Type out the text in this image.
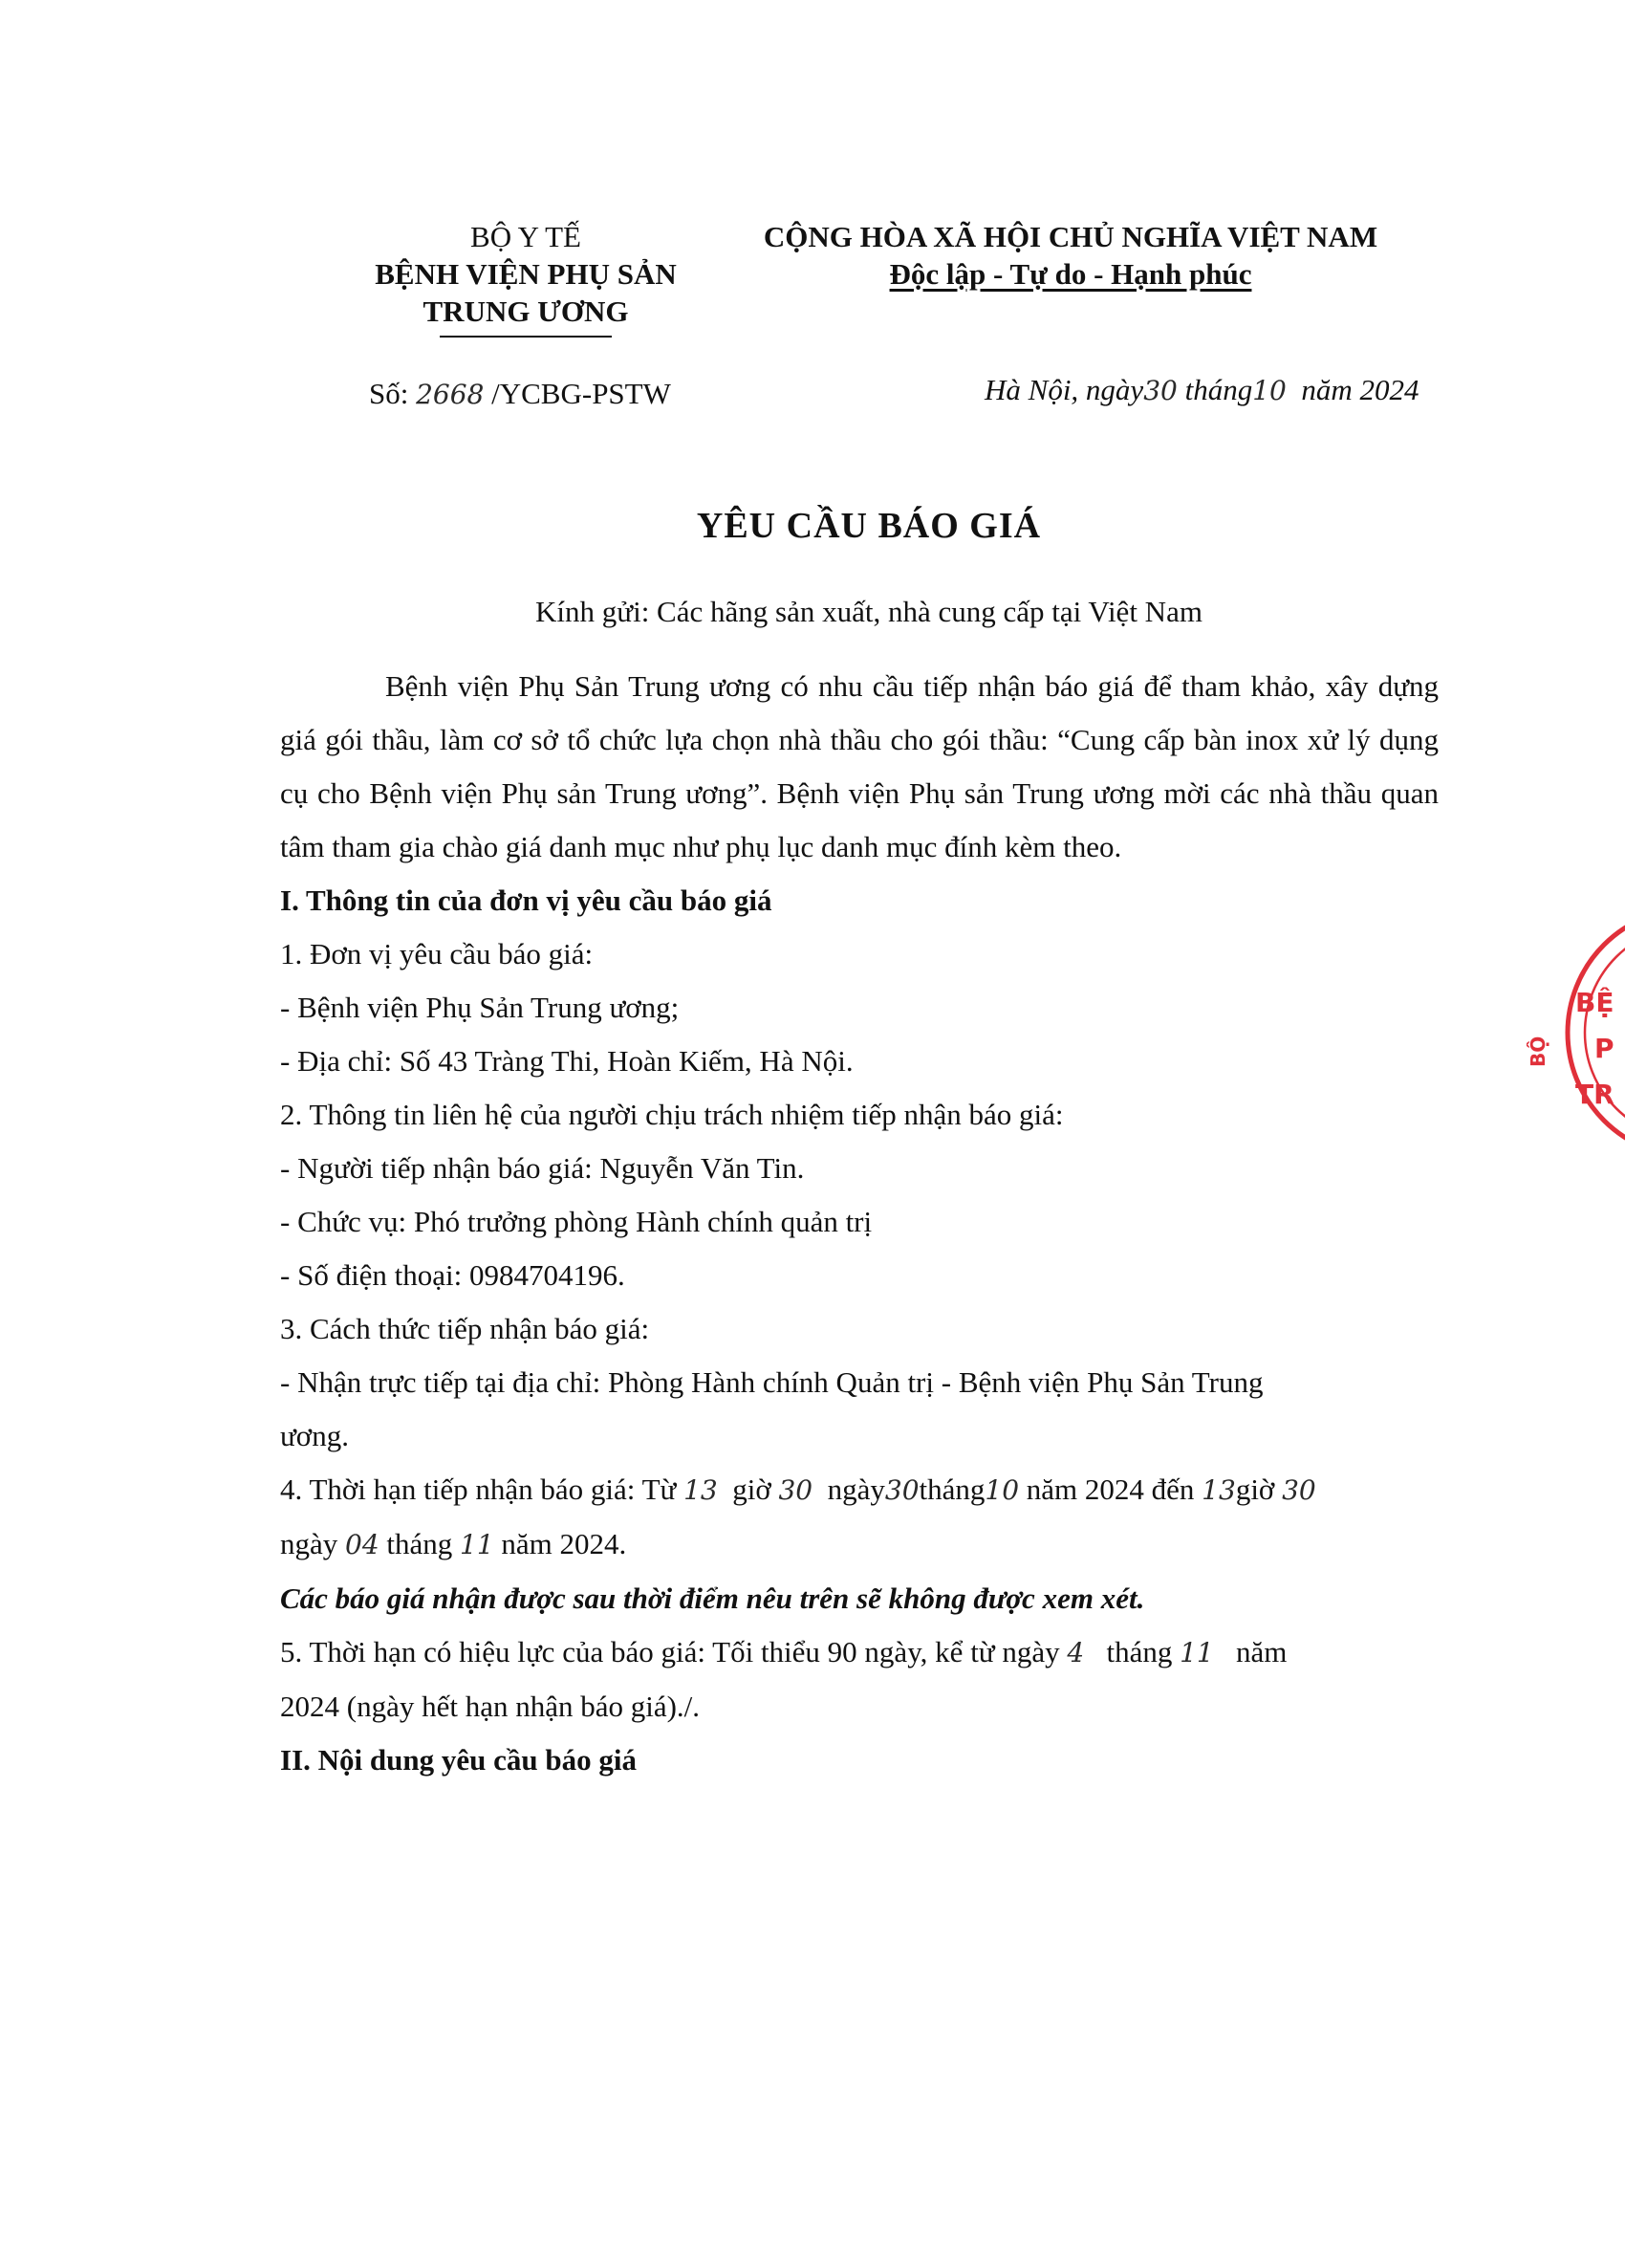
BỘ Y TẾ
BỆNH VIỆN PHỤ SẢN
TRUNG ƯƠNG
CỘNG HÒA XÃ HỘI CHỦ NGHĨA VIỆT NAM
Độc lập - Tự do - Hạnh phúc
Số: 2668 /YCBG-PSTW	Hà Nội, ngày30 tháng10 năm 2024
YÊU CẦU BÁO GIÁ
Kính gửi: Các hãng sản xuất, nhà cung cấp tại Việt Nam

Bệnh viện Phụ Sản Trung ương có nhu cầu tiếp nhận báo giá để tham khảo, xây dựng giá gói thầu, làm cơ sở tổ chức lựa chọn nhà thầu cho gói thầu: “Cung cấp bàn inox xử lý dụng cụ cho Bệnh viện Phụ sản Trung ương”. Bệnh viện Phụ sản Trung ương mời các nhà thầu quan tâm tham gia chào giá danh mục như phụ lục danh mục đính kèm theo.

I. Thông tin của đơn vị yêu cầu báo giá
1. Đơn vị yêu cầu báo giá:
- Bệnh viện Phụ Sản Trung ương;
- Địa chỉ: Số 43 Tràng Thi, Hoàn Kiếm, Hà Nội.
2. Thông tin liên hệ của người chịu trách nhiệm tiếp nhận báo giá:
- Người tiếp nhận báo giá: Nguyễn Văn Tin.
- Chức vụ: Phó trưởng phòng Hành chính quản trị
- Số điện thoại: 0984704196.
3. Cách thức tiếp nhận báo giá:
- Nhận trực tiếp tại địa chỉ: Phòng Hành chính Quản trị - Bệnh viện Phụ Sản Trung
ương.
4. Thời hạn tiếp nhận báo giá: Từ 13 giờ 30 ngày30tháng10 năm 2024 đến 13giờ 30
ngày 04 tháng 11 năm 2024.
Các báo giá nhận được sau thời điểm nêu trên sẽ không được xem xét.
5. Thời hạn có hiệu lực của báo giá: Tối thiểu 90 ngày, kể từ ngày 4 tháng 11 năm
2024 (ngày hết hạn nhận báo giá)./.
II. Nội dung yêu cầu báo giá
BỆ
P
TR
BỘ
